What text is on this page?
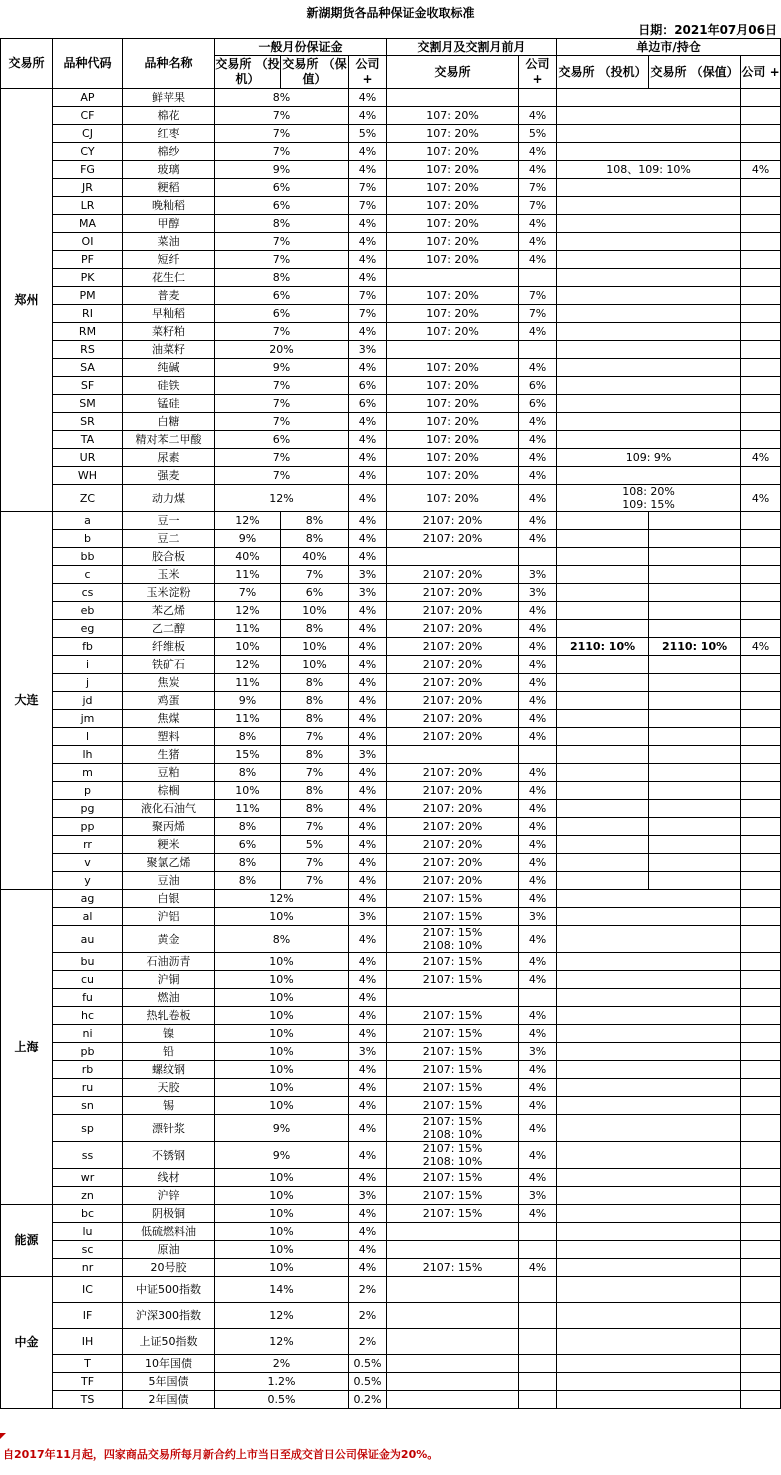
新湖期货各品种保证金收取标准
日期：2021年07月06日
交易所	品种代码	品种名称	一般月份保证金			交割月及交割月前月		单边市/持仓		
			交易所 （投机）	交易所 （保值）	公司 +	交易所	公司 +	交易所 （投机）	交易所 （保值）	公司 +
郑州	AP	鲜苹果	8%		4%					
	CF	棉花	7%		4%	107: 20%	4%			
	CJ	红枣	7%		5%	107: 20%	5%			
	CY	棉纱	7%		4%	107: 20%	4%			
	FG	玻璃	9%		4%	107: 20%	4%	108、109: 10%		4%
	JR	粳稻	6%		7%	107: 20%	7%			
	LR	晚籼稻	6%		7%	107: 20%	7%			
	MA	甲醇	8%		4%	107: 20%	4%			
	OI	菜油	7%		4%	107: 20%	4%			
	PF	短纤	7%		4%	107: 20%	4%			
	PK	花生仁	8%		4%					
	PM	普麦	6%		7%	107: 20%	7%			
	RI	早籼稻	6%		7%	107: 20%	7%			
	RM	菜籽粕	7%		4%	107: 20%	4%			
	RS	油菜籽	20%		3%					
	SA	纯碱	9%		4%	107: 20%	4%			
	SF	硅铁	7%		6%	107: 20%	6%			
	SM	锰硅	7%		6%	107: 20%	6%			
	SR	白糖	7%		4%	107: 20%	4%			
	TA	精对苯二甲酸	6%		4%	107: 20%	4%			
	UR	尿素	7%		4%	107: 20%	4%	109: 9%		4%
	WH	强麦	7%		4%	107: 20%	4%			
	ZC	动力煤	12%		4%	107: 20%	4%	108: 20%
109: 15%		4%
大连	a	豆一	12%	8%	4%	2107: 20%	4%			
	b	豆二	9%	8%	4%	2107: 20%	4%			
	bb	胶合板	40%	40%	4%					
	c	玉米	11%	7%	3%	2107: 20%	3%			
	cs	玉米淀粉	7%	6%	3%	2107: 20%	3%			
	eb	苯乙烯	12%	10%	4%	2107: 20%	4%			
	eg	乙二醇	11%	8%	4%	2107: 20%	4%			
	fb	纤维板	10%	10%	4%	2107: 20%	4%	2110: 10%	2110: 10%	4%
	i	铁矿石	12%	10%	4%	2107: 20%	4%			
	j	焦炭	11%	8%	4%	2107: 20%	4%			
	jd	鸡蛋	9%	8%	4%	2107: 20%	4%			
	jm	焦煤	11%	8%	4%	2107: 20%	4%			
	l	塑料	8%	7%	4%	2107: 20%	4%			
	lh	生猪	15%	8%	3%					
	m	豆粕	8%	7%	4%	2107: 20%	4%			
	p	棕榈	10%	8%	4%	2107: 20%	4%			
	pg	液化石油气	11%	8%	4%	2107: 20%	4%			
	pp	聚丙烯	8%	7%	4%	2107: 20%	4%			
	rr	粳米	6%	5%	4%	2107: 20%	4%			
	v	聚氯乙烯	8%	7%	4%	2107: 20%	4%			
	y	豆油	8%	7%	4%	2107: 20%	4%			
上海	ag	白银	12%		4%	2107: 15%	4%			
	al	沪铝	10%		3%	2107: 15%	3%			
	au	黄金	8%		4%	2107: 15%
2108: 10%	4%			
	bu	石油沥青	10%		4%	2107: 15%	4%			
	cu	沪铜	10%		4%	2107: 15%	4%			
	fu	燃油	10%		4%					
	hc	热轧卷板	10%		4%	2107: 15%	4%			
	ni	镍	10%		4%	2107: 15%	4%			
	pb	铅	10%		3%	2107: 15%	3%			
	rb	螺纹钢	10%		4%	2107: 15%	4%			
	ru	天胶	10%		4%	2107: 15%	4%			
	sn	锡	10%		4%	2107: 15%	4%			
	sp	漂针浆	9%		4%	2107: 15%
2108: 10%	4%			
	ss	不锈钢	9%		4%	2107: 15%
2108: 10%	4%			
	wr	线材	10%		4%	2107: 15%	4%			
	zn	沪锌	10%		3%	2107: 15%	3%			
能源	bc	阴极铜	10%		4%	2107: 15%	4%			
	lu	低硫燃料油	10%		4%					
	sc	原油	10%		4%					
	nr	20号胶	10%		4%	2107: 15%	4%			
中金	IC	中证500指数	14%		2%					
	IF	沪深300指数	12%		2%					
	IH	上证50指数	12%		2%					
	T	10年国债	2%		0.5%					
	TF	5年国债	1.2%		0.5%					
	TS	2年国债	0.5%		0.2%					
自2017年11月起，四家商品交易所每月新合约上市当日至成交首日公司保证金为20%。
